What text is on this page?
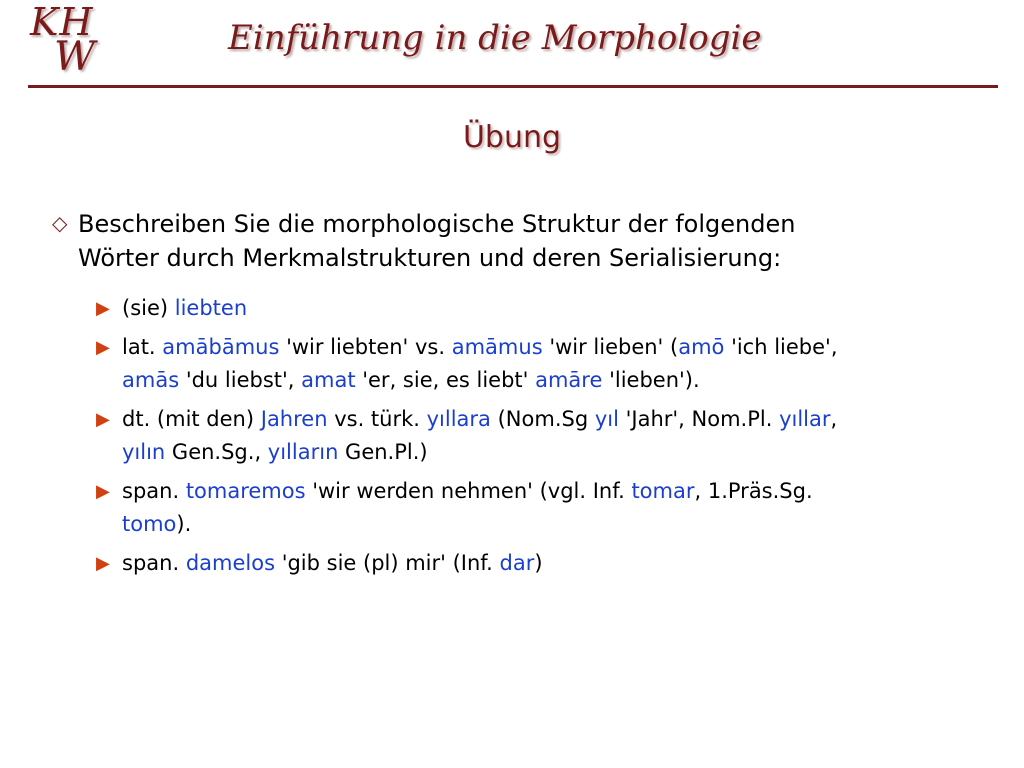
KH
W	Einführung in die Morphologie
Übung
◇ Beschreiben Sie die morphologische Struktur der folgenden
Wörter durch Merkmalstrukturen und deren Serialisierung:
▶ (sie) liebten
▶ lat. amābāmus 'wir liebten' vs. amāmus 'wir lieben' (amō 'ich liebe',
amās 'du liebst', amat 'er, sie, es liebt' amāre 'lieben').
▶ dt. (mit den) Jahren vs. türk. yıllara (Nom.Sg yıl 'Jahr', Nom.Pl. yıllar,
yılın Gen.Sg., yılların Gen.Pl.)
▶ span. tomaremos 'wir werden nehmen' (vgl. Inf. tomar, 1.Präs.Sg.
tomo).
▶ span. damelos 'gib sie (pl) mir' (Inf. dar)
